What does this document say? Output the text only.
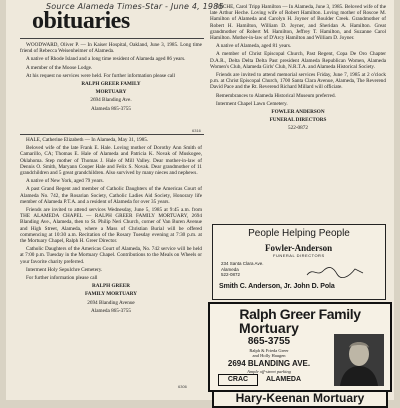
Source Alameda Times-Star - June 4, 1985
obituaries

WOODWARD, Oliver P. — In Kaiser Hospital, Oakland, June 3, 1985. Long time friend of Rebecca Weisenheimer of Alameda.

A native of Rhode Island and a long time resident of Alameda aged 86 years.

A member of the Moose Lodge.

At his request no services were held. For further information please call

RALPH GREER FAMILY

MORTUARY

2694 Blanding Ave.

Alameda 865-3755

6316

HALE, Catherine Elizabeth — In Alameda, May 31, 1985.

Beloved wife of the late Frank E. Hale. Loving mother of Dorothy Ann Smith of Camarillo, CA; Thomas E. Hale of Alameda and Patricia K. Novak of Muskogee, Oklahoma. Step mother of Thomas J. Hale of Mill Valley. Dear mother-in-law of Dennis O. Smith, Maryann Cooper Hale and Felix S. Novak. Dear grandmother of 11 grandchildren and 5 great grandchildren. Also survived by many nieces and nephews.

A native of New York, aged 79 years.

A past Grand Regent and member of Catholic Daughters of the Americas Court of Alameda No. 742, the Rosarian Society, Catholic Ladies Aid Society, Honorary life member of Alameda P.T.A. and a resident of Alameda for over 35 years.

Friends are invited to attend services Wednesday, June 5, 1985 at 9:45 a.m. from THE ALAMEDA CHAPEL — RALPH GREER FAMILY MORTUARY, 2694 Blanding Ave., Alameda, then to St. Philip Neri Church, corner of Van Buren Avenue and High Street, Alameda, where a Mass of Christian Burial will be offered commencing at 10:30 a.m. Recitation of the Rosary Tuesday evening at 7:30 p.m. at the Mortuary Chapel, Ralph H. Greer Director.

Catholic Daughters of the Americas Court of Alameda, No. 742 service will be held at 7:00 p.m. Tuesday in the Mortuary Chapel. Contributions to the Meals on Wheels or your favorite charity preferred.

Interment Holy Sepulchre Cemetery.

For further information please call

RALPH GREER

FAMILY MORTUARY

2694 Blanding Avenue

Alameda 865-3755

6306

HECHE, Carol Tripp Hamilton — In Alameda, June 3, 1985. Beloved wife of the late Arthur Heche. Loving wife of Robert Hamilton. Loving mother of Roscoe M. Hamilton of Alameda and Carolyn H. Joyner of Boulder Creek. Grandmother of Robert H. Hamilton, William D. Joyner, and Sheridan A. Hamilton. Great grandmother of Robert M. Hamilton, Jeffrey T. Hamilton, and Suzanne Carol Hamilton. Mother-in-law of D'Arcy Hamilton and William D. Joyner.

A native of Alameda, aged 81 years.

A member of Christ Episcopal Church, Past Regent, Copa De Oro Chapter D.A.R., Delta Delta Delta Past president Alameda Republican Women, Alameda Women's Club, Alameda Girls' Club, N.R.T.A. and Alameda Historical Society.

Friends are invited to attend memorial services Friday, June 7, 1985 at 2 o'clock p.m. at Christ Episcopal Church, 1700 Santa Clara Avenue, Alameda, The Reverend David Pace and the Rt. Reverend Richard Millard will officiate.

Remembrances to Alameda Historical Museum preferred.

Interment Chapel Lawn Cemetery.

FOWLER ANDERSON

FUNERAL DIRECTORS

522-0872

People Helping People
Fowler-Anderson
FUNERAL DIRECTORS
234 Santa Clara Ave.
Alameda
522-0872
Smith C. Anderson, Jr. John D. Pola
Ralph Greer Family
Mortuary
865-3755
Ralph & Frieda Greer
and Holly Haugen
2694 BLANDING AVE.
Ample off-street parking
CRAC	ALAMEDA
Hary-Keenan Mortuary
